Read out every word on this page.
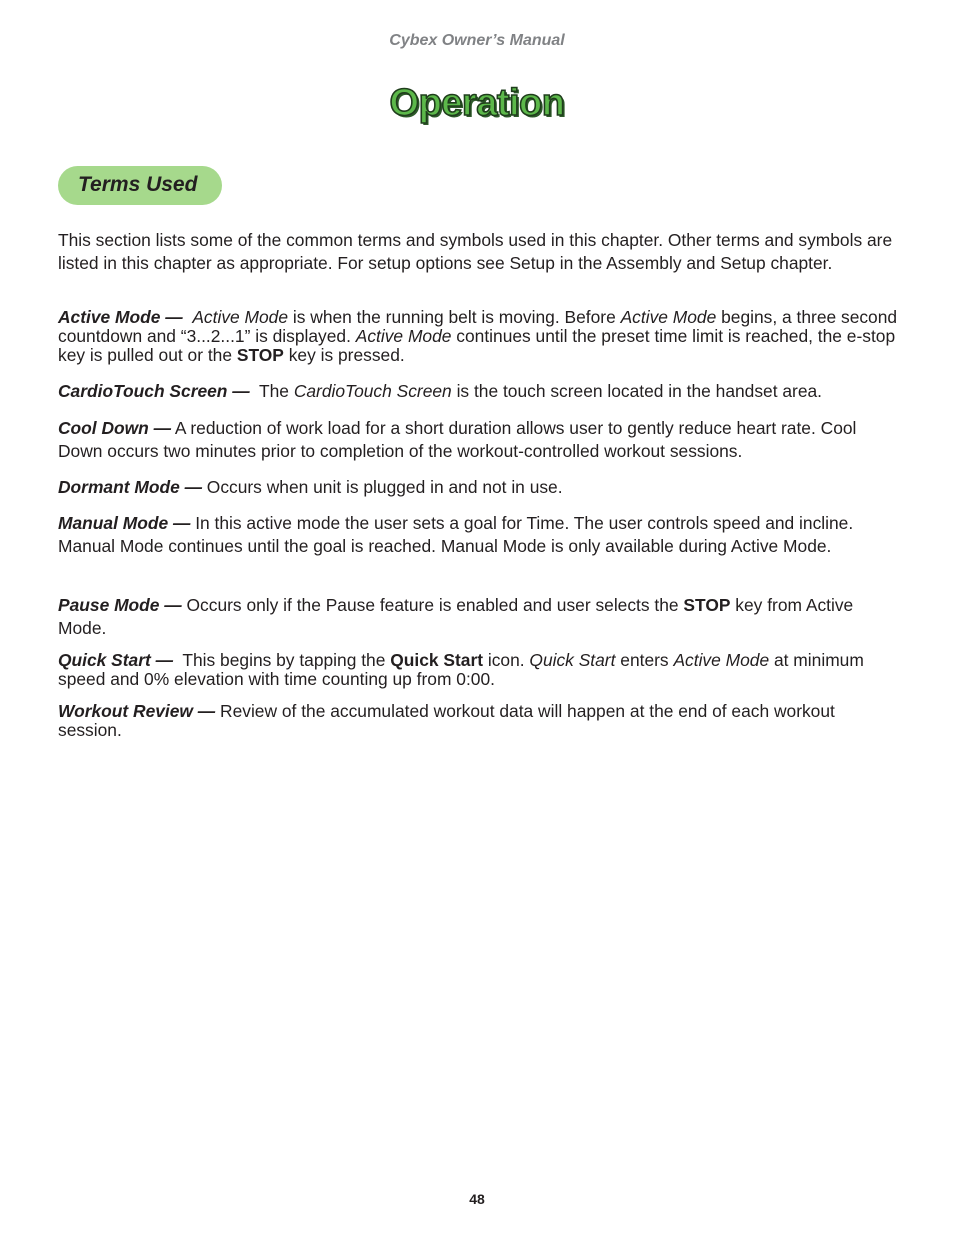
Cybex Owner’s Manual
Operation
Terms Used

This section lists some of the common terms and symbols used in this chapter. Other terms and symbols are listed in this chapter as appropriate. For setup options see Setup in the Assembly and Setup chapter.

Active Mode — Active Mode is when the running belt is moving. Before Active Mode begins, a three second countdown and “3...2...1” is displayed. Active Mode continues until the preset time limit is reached, the e-stop key is pulled out or the STOP key is pressed.

CardioTouch Screen — The CardioTouch Screen is the touch screen located in the handset area.

Cool Down — A reduction of work load for a short duration allows user to gently reduce heart rate. Cool Down occurs two minutes prior to completion of the workout-controlled workout sessions.

Dormant Mode — Occurs when unit is plugged in and not in use.

Manual Mode — In this active mode the user sets a goal for Time. The user controls speed and incline. Manual Mode continues until the goal is reached. Manual Mode is only available during Active Mode.

Pause Mode — Occurs only if the Pause feature is enabled and user selects the STOP key from Active Mode.

Quick Start — This begins by tapping the Quick Start icon. Quick Start enters Active Mode at minimum speed and 0% elevation with time counting up from 0:00.

Workout Review — Review of the accumulated workout data will happen at the end of each workout session.

48
